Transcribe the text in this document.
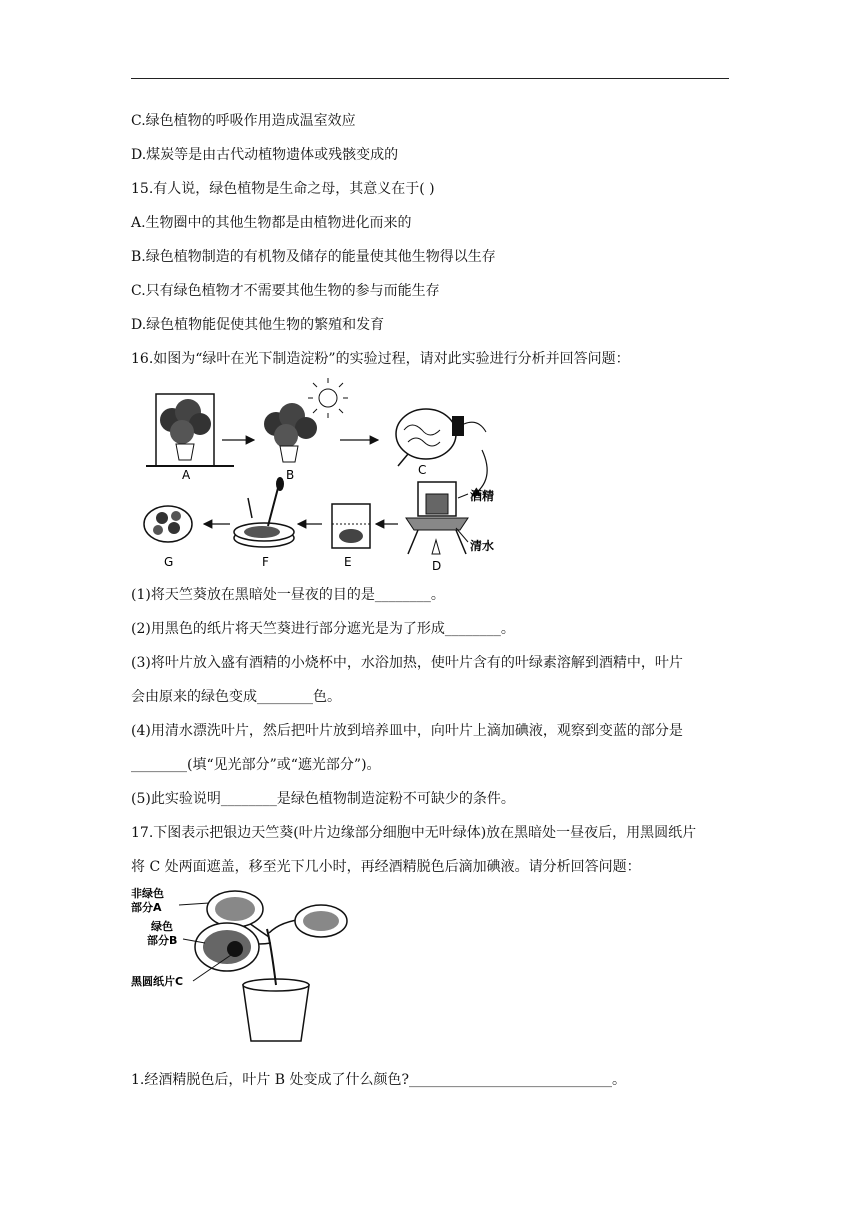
C.绿色植物的呼吸作用造成温室效应
D.煤炭等是由古代动植物遗体或残骸变成的
15.有人说，绿色植物是生命之母，其意义在于( )
A.生物圈中的其他生物都是由植物进化而来的
B.绿色植物制造的有机物及储存的能量使其他生物得以生存
C.只有绿色植物才不需要其他生物的参与而能生存
D.绿色植物能促使其他生物的繁殖和发育
16.如图为“绿叶在光下制造淀粉”的实验过程，请对此实验进行分析并回答问题：
A	B	C
酒精
清水
D
E
F
G
(1)将天竺葵放在黑暗处一昼夜的目的是________。
(2)用黑色的纸片将天竺葵进行部分遮光是为了形成________。
(3)将叶片放入盛有酒精的小烧杯中，水浴加热，使叶片含有的叶绿素溶解到酒精中，叶片
会由原来的绿色变成________色。
(4)用清水漂洗叶片，然后把叶片放到培养皿中，向叶片上滴加碘液，观察到变蓝的部分是
________(填“见光部分”或“遮光部分”)。
(5)此实验说明________是绿色植物制造淀粉不可缺少的条件。
17.下图表示把银边天竺葵(叶片边缘部分细胞中无叶绿体)放在黑暗处一昼夜后，用黑圆纸片
将 C 处两面遮盖，移至光下几小时，再经酒精脱色后滴加碘液。请分析回答问题：
非绿色
部分A
绿色
部分B
黑圆纸片C
1.经酒精脱色后，叶片 B 处变成了什么颜色?_____________________________。
